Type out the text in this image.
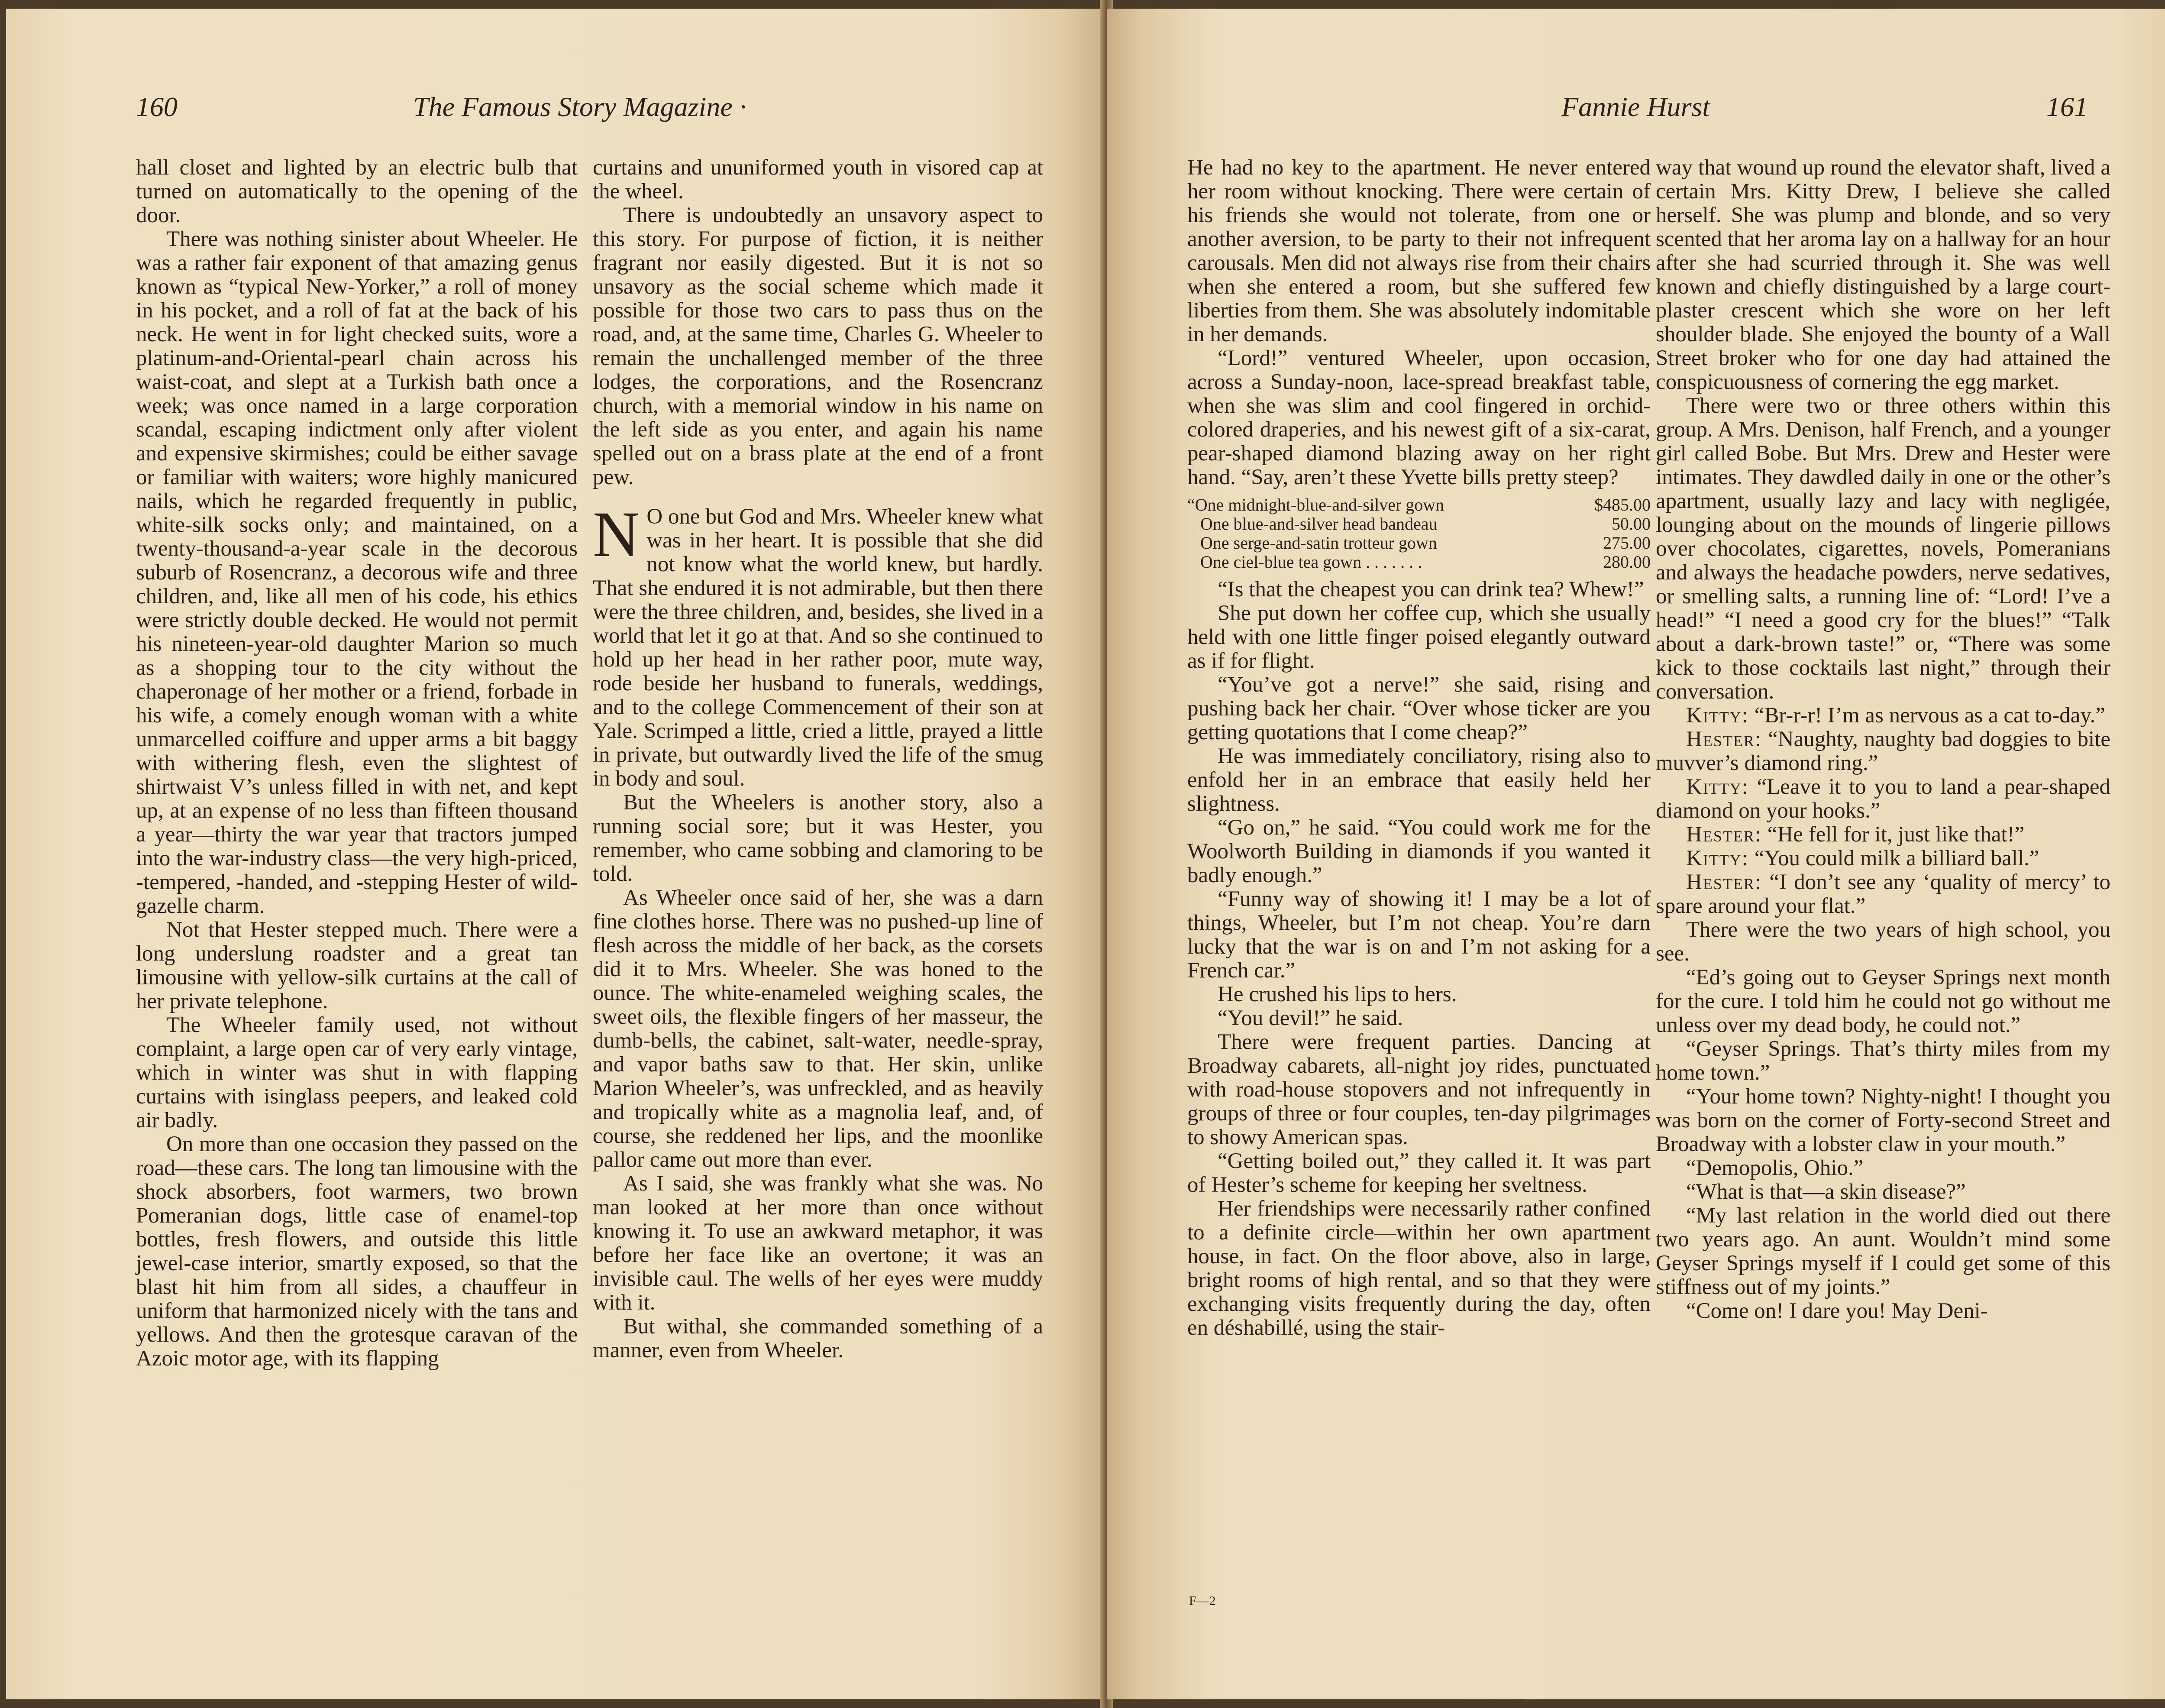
160	The Famous Story Magazine ·

hall closet and lighted by an electric bulb that turned on automatically to the opening of the door.

There was nothing sinister about Wheeler. He was a rather fair exponent of that amazing genus known as “typical New-Yorker,” a roll of money in his pocket, and a roll of fat at the back of his neck. He went in for light checked suits, wore a platinum-and-Oriental-pearl chain across his waist-coat, and slept at a Turkish bath once a week; was once named in a large corporation scandal, escaping indictment only after violent and expensive skirmishes; could be either savage or familiar with waiters; wore highly manicured nails, which he regarded frequently in public, white-silk socks only; and maintained, on a twenty-thousand-a-year scale in the decorous suburb of Rosencranz, a decorous wife and three children, and, like all men of his code, his ethics were strictly double decked. He would not permit his nineteen-year-old daughter Marion so much as a shopping tour to the city without the chaperonage of her mother or a friend, forbade in his wife, a comely enough woman with a white unmarcelled coiffure and upper arms a bit baggy with withering flesh, even the slightest of shirtwaist V’s unless filled in with net, and kept up, at an expense of no less than fifteen thousand a year—thirty the war year that tractors jumped into the war-industry class—the very high-priced, -tempered, -handed, and -stepping Hester of wild-gazelle charm.

Not that Hester stepped much. There were a long underslung roadster and a great tan limousine with yellow-silk curtains at the call of her private telephone.

The Wheeler family used, not without complaint, a large open car of very early vintage, which in winter was shut in with flapping curtains with isinglass peepers, and leaked cold air badly.

On more than one occasion they passed on the road—these cars. The long tan limousine with the shock absorbers, foot warmers, two brown Pomeranian dogs, little case of enamel-top bottles, fresh flowers, and outside this little jewel-case interior, smartly exposed, so that the blast hit him from all sides, a chauffeur in uniform that harmonized nicely with the tans and yellows. And then the grotesque caravan of the Azoic motor age, with its flapping

curtains and ununiformed youth in visored cap at the wheel.

There is undoubtedly an unsavory aspect to this story. For purpose of fiction, it is neither fragrant nor easily digested. But it is not so unsavory as the social scheme which made it possible for those two cars to pass thus on the road, and, at the same time, Charles G. Wheeler to remain the unchallenged member of the three lodges, the corporations, and the Rosencranz church, with a memorial window in his name on the left side as you enter, and again his name spelled out on a brass plate at the end of a front pew.

N O one but God and Mrs. Wheeler knew what was in her heart. It is possible that she did not know what the world knew, but hardly. That she endured it is not admirable, but then there were the three children, and, besides, she lived in a world that let it go at that. And so she continued to hold up her head in her rather poor, mute way, rode beside her husband to funerals, weddings, and to the college Commencement of their son at Yale. Scrimped a little, cried a little, prayed a little in private, but outwardly lived the life of the smug in body and soul.

But the Wheelers is another story, also a running social sore; but it was Hester, you remember, who came sobbing and clamoring to be told.

As Wheeler once said of her, she was a darn fine clothes horse. There was no pushed-up line of flesh across the middle of her back, as the corsets did it to Mrs. Wheeler. She was honed to the ounce. The white-enameled weighing scales, the sweet oils, the flexible fingers of her masseur, the dumb-bells, the cabinet, salt-water, needle-spray, and vapor baths saw to that. Her skin, unlike Marion Wheeler’s, was unfreckled, and as heavily and tropically white as a magnolia leaf, and, of course, she reddened her lips, and the moonlike pallor came out more than ever.

As I said, she was frankly what she was. No man looked at her more than once without knowing it. To use an awkward metaphor, it was before her face like an overtone; it was an invisible caul. The wells of her eyes were muddy with it.

But withal, she commanded something of a manner, even from Wheeler.

Fannie Hurst	161

He had no key to the apartment. He never entered her room without knocking. There were certain of his friends she would not tolerate, from one or another aversion, to be party to their not infrequent carousals. Men did not always rise from their chairs when she entered a room, but she suffered few liberties from them. She was absolutely indomitable in her demands.

“Lord!” ventured Wheeler, upon occasion, across a Sunday-noon, lace-spread breakfast table, when she was slim and cool fingered in orchid-colored draperies, and his newest gift of a six-carat, pear-shaped diamond blazing away on her right hand. “Say, aren’t these Yvette bills pretty steep?

“One midnight-blue-and-silver gown	$485.00
One blue-and-silver head bandeau	50.00
One serge-and-satin trotteur gown	275.00
One ciel-blue tea gown . . . . . . .	280.00

“Is that the cheapest you can drink tea? Whew!”

She put down her coffee cup, which she usually held with one little finger poised elegantly outward as if for flight.

“You’ve got a nerve!” she said, rising and pushing back her chair. “Over whose ticker are you getting quotations that I come cheap?”

He was immediately conciliatory, rising also to enfold her in an embrace that easily held her slightness.

“Go on,” he said. “You could work me for the Woolworth Building in diamonds if you wanted it badly enough.”

“Funny way of showing it! I may be a lot of things, Wheeler, but I’m not cheap. You’re darn lucky that the war is on and I’m not asking for a French car.”

He crushed his lips to hers.

“You devil!” he said.

There were frequent parties. Dancing at Broadway cabarets, all-night joy rides, punctuated with road-house stopovers and not infrequently in groups of three or four couples, ten-day pilgrimages to showy American spas.

“Getting boiled out,” they called it. It was part of Hester’s scheme for keeping her sveltness.

Her friendships were necessarily rather confined to a definite circle—within her own apartment house, in fact. On the floor above, also in large, bright rooms of high rental, and so that they were exchanging visits frequently during the day, often en déshabillé, using the stair-

F—2

way that wound up round the elevator shaft, lived a certain Mrs. Kitty Drew, I believe she called herself. She was plump and blonde, and so very scented that her aroma lay on a hallway for an hour after she had scurried through it. She was well known and chiefly distinguished by a large court-plaster crescent which she wore on her left shoulder blade. She enjoyed the bounty of a Wall Street broker who for one day had attained the conspicuousness of cornering the egg market.

There were two or three others within this group. A Mrs. Denison, half French, and a younger girl called Bobe. But Mrs. Drew and Hester were intimates. They dawdled daily in one or the other’s apartment, usually lazy and lacy with negligée, lounging about on the mounds of lingerie pillows over chocolates, cigarettes, novels, Pomeranians and always the headache powders, nerve sedatives, or smelling salts, a running line of: “Lord! I’ve a head!” “I need a good cry for the blues!” “Talk about a dark-brown taste!” or, “There was some kick to those cocktails last night,” through their conversation.

Kitty: “Br-r-r! I’m as nervous as a cat to-day.”

Hester: “Naughty, naughty bad doggies to bite muvver’s diamond ring.”

Kitty: “Leave it to you to land a pear-shaped diamond on your hooks.”

Hester: “He fell for it, just like that!”

Kitty: “You could milk a billiard ball.”

Hester: “I don’t see any ‘quality of mercy’ to spare around your flat.”

There were the two years of high school, you see.

“Ed’s going out to Geyser Springs next month for the cure. I told him he could not go without me unless over my dead body, he could not.”

“Geyser Springs. That’s thirty miles from my home town.”

“Your home town? Nighty-night! I thought you was born on the corner of Forty-second Street and Broadway with a lobster claw in your mouth.”

“Demopolis, Ohio.”

“What is that—a skin disease?”

“My last relation in the world died out there two years ago. An aunt. Wouldn’t mind some Geyser Springs myself if I could get some of this stiffness out of my joints.”

“Come on! I dare you! May Deni-
